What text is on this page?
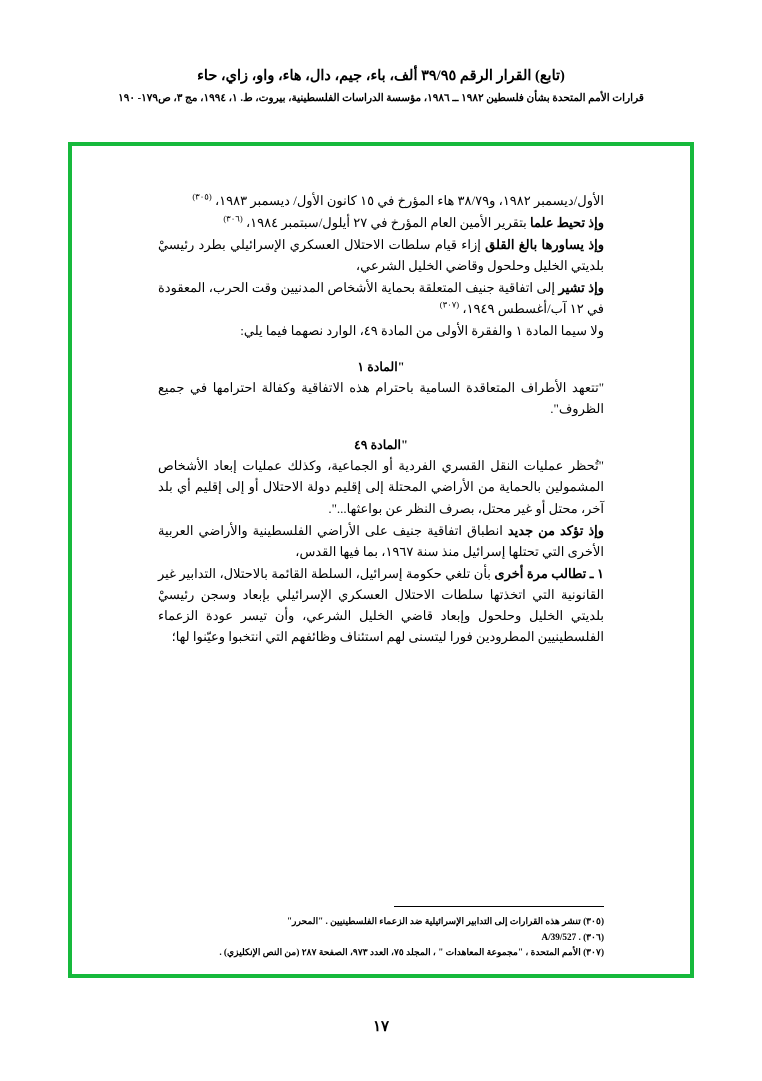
(تابع) القرار الرقم ٣٩/٩٥ ألف، باء، جيم، دال، هاء، واو، زاي، حاء
قرارات الأمم المتحدة بشأن فلسطين ١٩٨٢ ــ ١٩٨٦، مؤسسة الدراسات الفلسطينية، بيروت، ط. ١، ١٩٩٤، مج ٣، ص١٧٩- ١٩٠

الأول/ديسمبر ١٩٨٢، و٣٨/٧٩ هاء المؤرخ في ١٥ كانون الأول/ ديسمبر ١٩٨٣، $^{(٣٠٥)}$

وإذ تحيط علما بتقرير الأمين العام المؤرخ في ٢٧ أيلول/سبتمبر ١٩٨٤، $^{(٣٠٦)}$

وإذ يساورها بالغ القلق إزاء قيام سلطات الاحتلال العسكري الإسرائيلي بطرد رئيسيْ بلديتي الخليل وحلحول وقاضي الخليل الشرعي،

وإذ تشير إلى اتفاقية جنيف المتعلقة بحماية الأشخاص المدنيين وقت الحرب، المعقودة في ١٢ آب/أغسطس ١٩٤٩، $^{(٣٠٧)}$

ولا سيما المادة ١ والفقرة الأولى من المادة ٤٩، الوارد نصهما فيما يلي:

"المادة ١

"تتعهد الأطراف المتعاقدة السامية باحترام هذه الاتفاقية وكفالة احترامها في جميع الظروف".

"المادة ٤٩

"تُحظر عمليات النقل القسري الفردية أو الجماعية، وكذلك عمليات إبعاد الأشخاص المشمولين بالحماية من الأراضي المحتلة إلى إقليم دولة الاحتلال أو إلى إقليم أي بلد آخر، محتل أو غير محتل، بصرف النظر عن بواعثها...".

وإذ تؤكد من جديد انطباق اتفاقية جنيف على الأراضي الفلسطينية والأراضي العربية الأخرى التي تحتلها إسرائيل منذ سنة ١٩٦٧، بما فيها القدس،

١ ـ تطالب مرة أخرى بأن تلغي حكومة إسرائيل، السلطة القائمة بالاحتلال، التدابير غير القانونية التي اتخذتها سلطات الاحتلال العسكري الإسرائيلي بإبعاد وسجن رئيسيْ بلديتي الخليل وحلحول وإبعاد قاضي الخليل الشرعي، وأن تيسر عودة الزعماء الفلسطينيين المطرودين فورا ليتسنى لهم استئناف وظائفهم التي انتخبوا وعيّنوا لها؛

(٣٠٥) تنشر هذه القرارات إلى التدابير الإسرائيلية ضد الزعماء الفلسطينيين . "المحرر"
(٣٠٦) A/39/527 .
(٣٠٧) الأمم المتحدة ، "مجموعة المعاهدات " ، المجلد ٧٥، العدد ٩٧٣، الصفحة ٢٨٧ (من النص الإنكليزي) .
١٧
